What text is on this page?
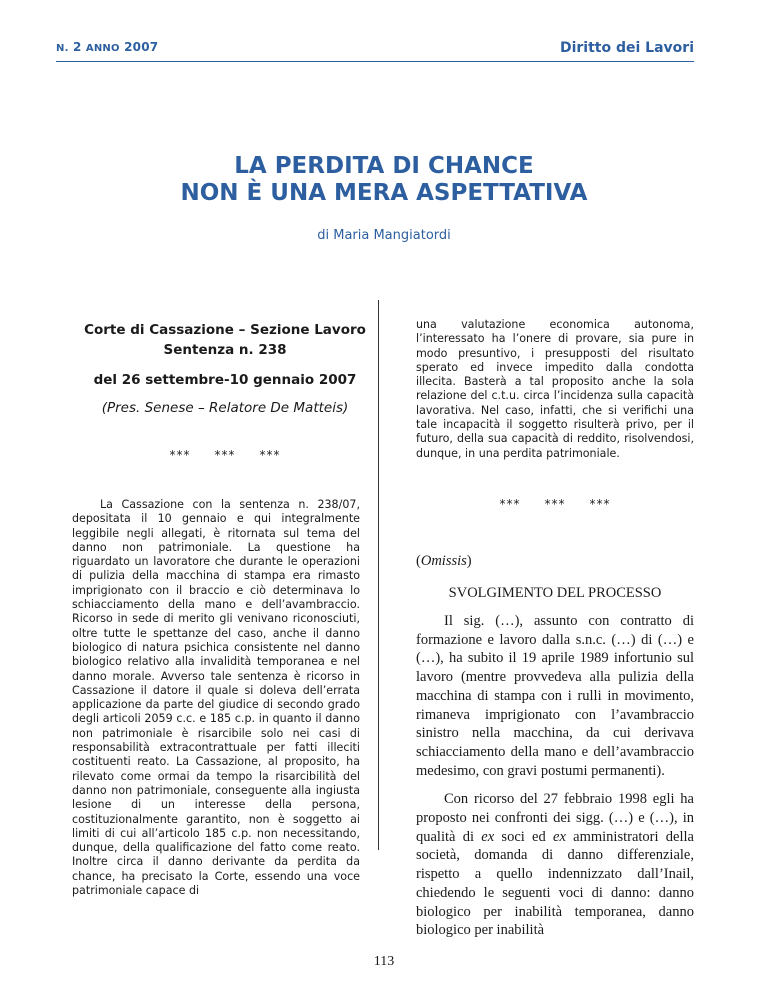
N. 2 ANNO 2007	Diritto dei Lavori
LA PERDITA DI CHANCE
NON È UNA MERA ASPETTATIVA
di Maria Mangiatordi
Corte di Cassazione – Sezione Lavoro
Sentenza n. 238
del 26 settembre-10 gennaio 2007
(Pres. Senese – Relatore De Matteis)
*** *** ***
La Cassazione con la sentenza n. 238/07, depositata il 10 gennaio e qui integralmente leggibile negli allegati, è ritornata sul tema del danno non patrimoniale. La questione ha riguardato un lavoratore che durante le operazioni di pulizia della macchina di stampa era rimasto imprigionato con il braccio e ciò determinava lo schiacciamento della mano e dell’avambraccio. Ricorso in sede di merito gli venivano riconosciuti, oltre tutte le spettanze del caso, anche il danno biologico di natura psichica consistente nel danno biologico relativo alla invalidità temporanea e nel danno morale. Avverso tale sentenza è ricorso in Cassazione il datore il quale si doleva dell’errata applicazione da parte del giudice di secondo grado degli articoli 2059 c.c. e 185 c.p. in quanto il danno non patrimoniale è risarcibile solo nei casi di responsabilità extracontrattuale per fatti illeciti costituenti reato. La Cassazione, al proposito, ha rilevato come ormai da tempo la risarcibilità del danno non patrimoniale, conseguente alla ingiusta lesione di un interesse della persona, costituzionalmente garantito, non è soggetto ai limiti di cui all’articolo 185 c.p. non necessitando, dunque, della qualificazione del fatto come reato. Inoltre circa il danno derivante da perdita da chance, ha precisato la Corte, essendo una voce patrimoniale capace di
una valutazione economica autonoma, l’interessato ha l’onere di provare, sia pure in modo presuntivo, i presupposti del risultato sperato ed invece impedito dalla condotta illecita. Basterà a tal proposito anche la sola relazione del c.t.u. circa l’incidenza sulla capacità lavorativa. Nel caso, infatti, che si verifichi una tale incapacità il soggetto risulterà privo, per il futuro, della sua capacità di reddito, risolvendosi, dunque, in una perdita patrimoniale.
*** *** ***
(Omissis)
SVOLGIMENTO DEL PROCESSO

Il sig. (…), assunto con contratto di formazione e lavoro dalla s.n.c. (…) di (…) e (…), ha subito il 19 aprile 1989 infortunio sul lavoro (mentre provvedeva alla pulizia della macchina di stampa con i rulli in movimento, rimaneva imprigionato con l’avambraccio sinistro nella macchina, da cui derivava schiacciamento della mano e dell’avambraccio medesimo, con gravi postumi permanenti).

Con ricorso del 27 febbraio 1998 egli ha proposto nei confronti dei sigg. (…) e (…), in qualità di ex soci ed ex amministratori della società, domanda di danno differenziale, rispetto a quello indennizzato dall’Inail, chiedendo le seguenti voci di danno: danno biologico per inabilità temporanea, danno biologico per inabilità

113
